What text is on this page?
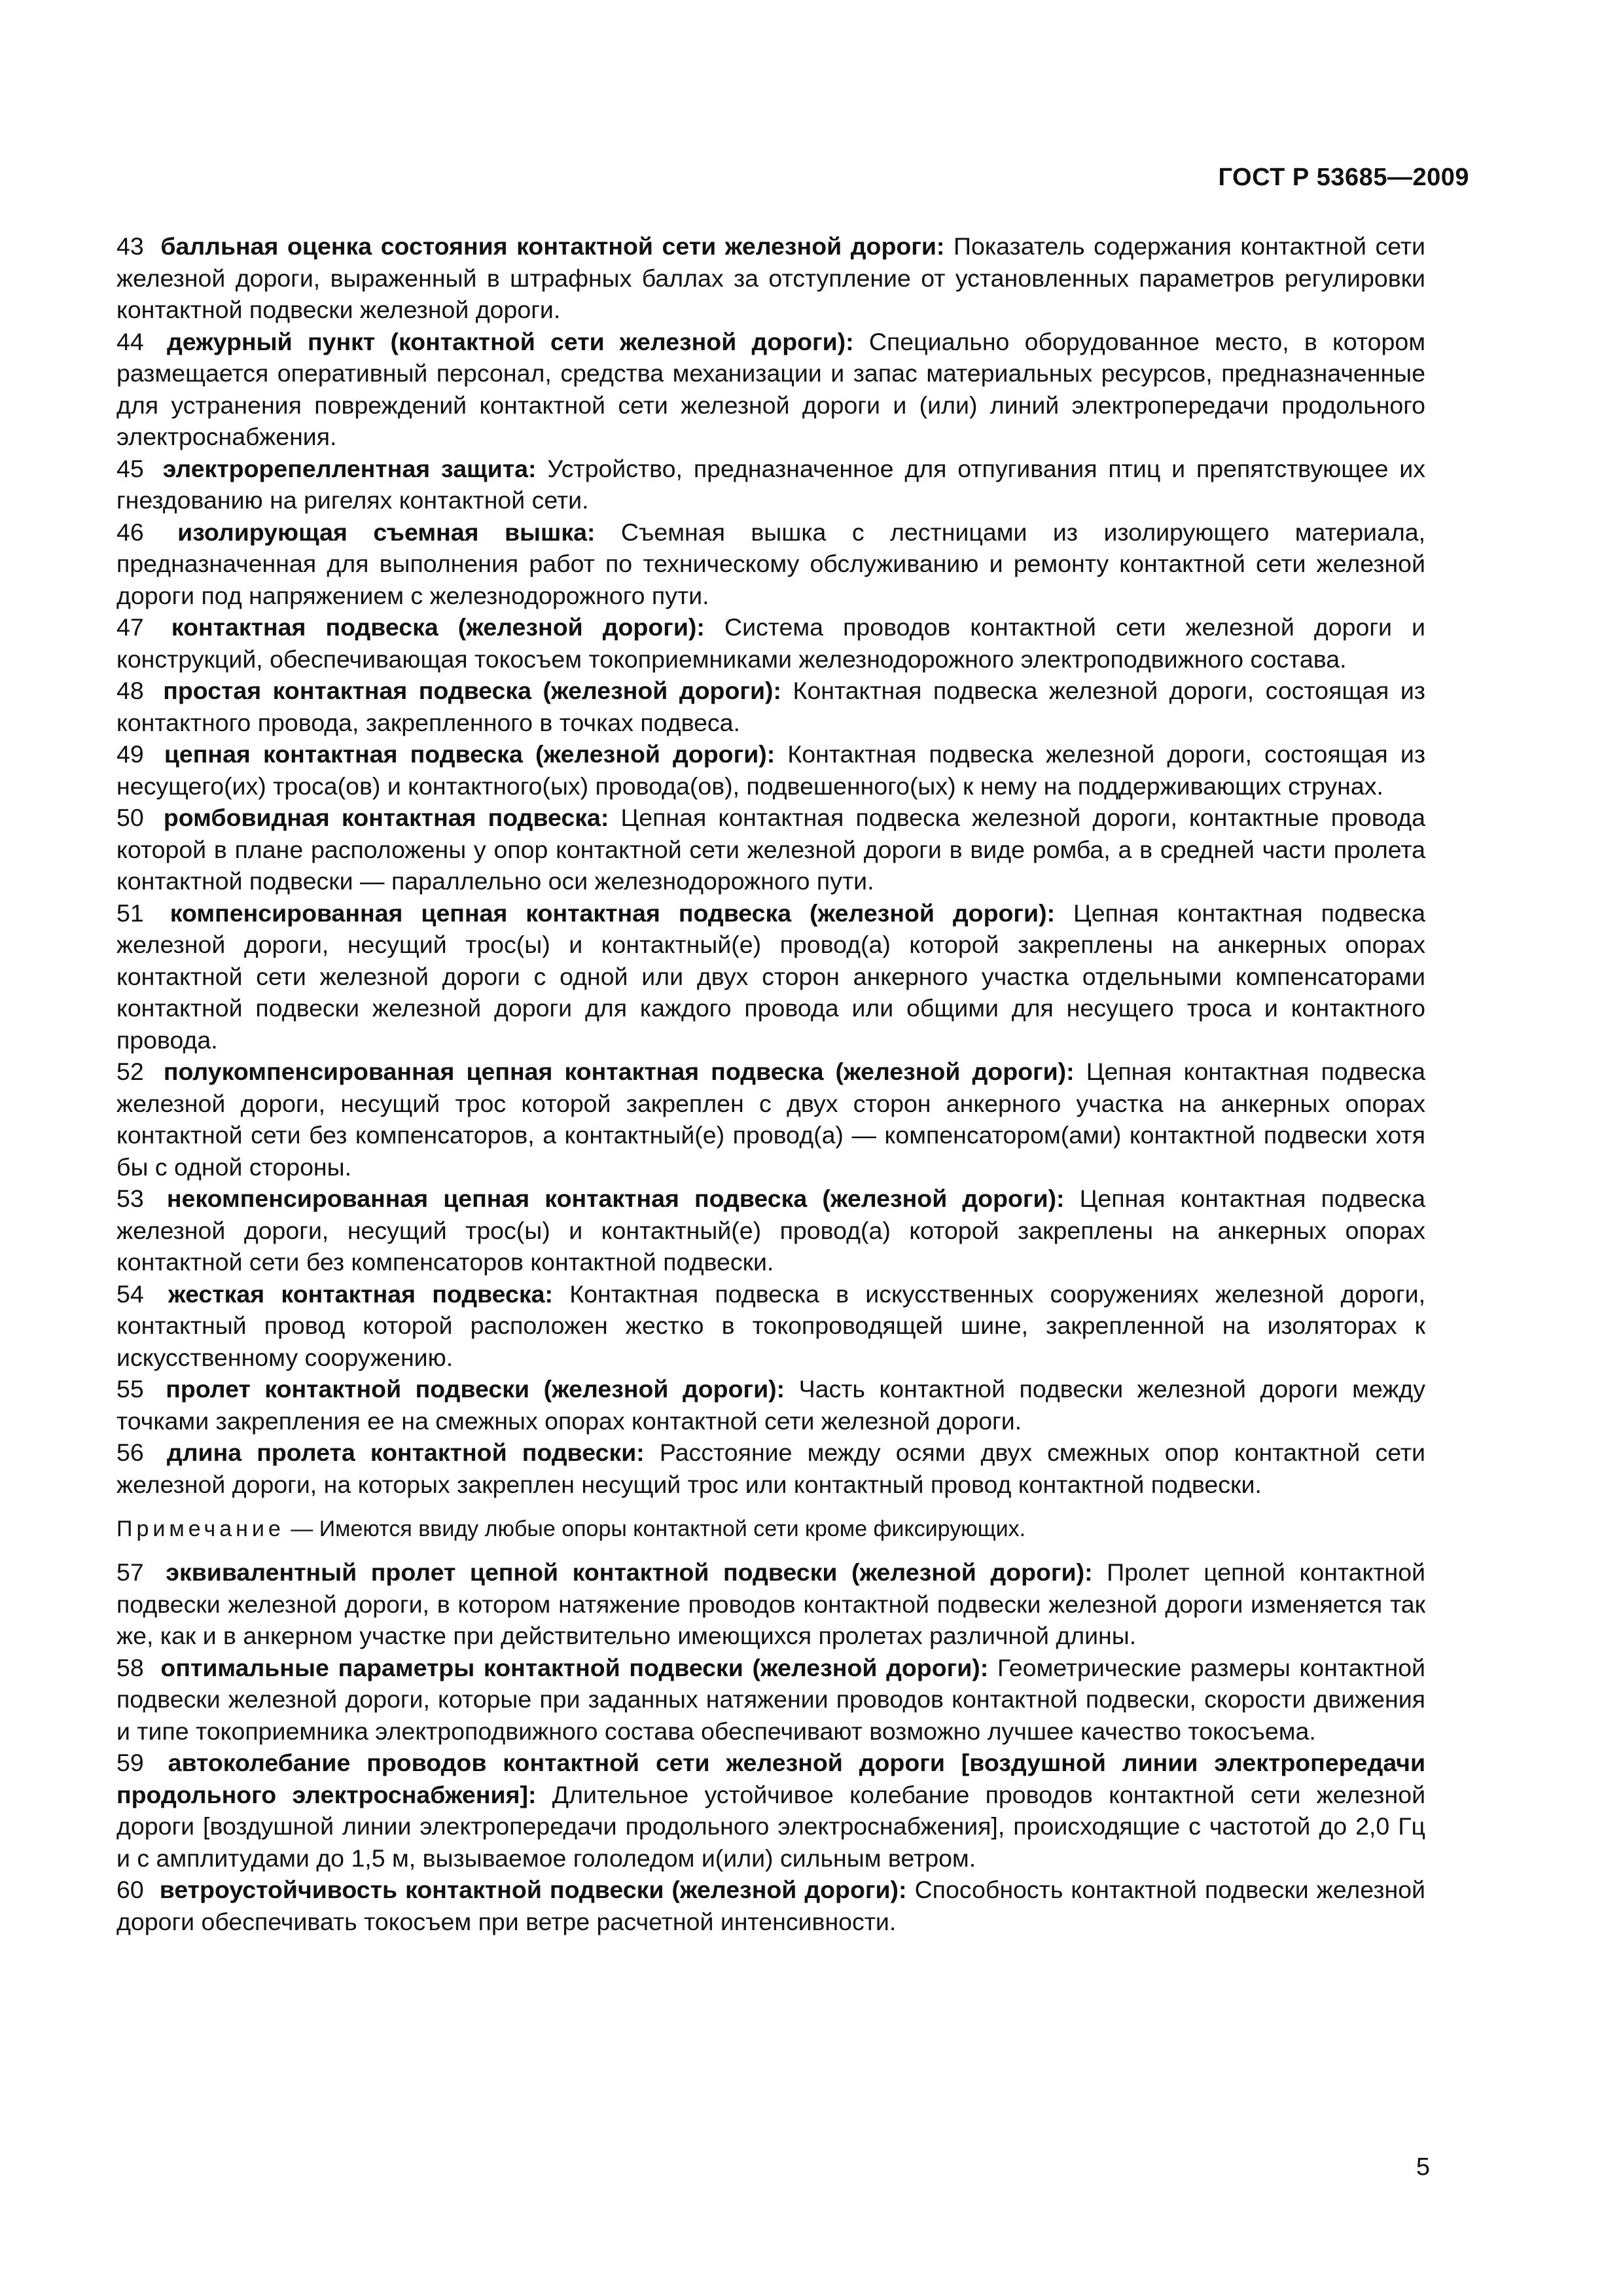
ГОСТ Р 53685—2009

43 балльная оценка состояния контактной сети железной дороги: Показатель содержания контактной сети железной дороги, выраженный в штрафных баллах за отступление от установленных параметров регулировки контактной подвески железной дороги.

44 дежурный пункт (контактной сети железной дороги): Специально оборудованное место, в котором размещается оперативный персонал, средства механизации и запас материальных ресурсов, предназначенные для устранения повреждений контактной сети железной дороги и (или) линий электропередачи продольного электроснабжения.

45 электрорепеллентная защита: Устройство, предназначенное для отпугивания птиц и препятствующее их гнездованию на ригелях контактной сети.

46 изолирующая съемная вышка: Съемная вышка с лестницами из изолирующего материала, предназначенная для выполнения работ по техническому обслуживанию и ремонту контактной сети железной дороги под напряжением с железнодорожного пути.

47 контактная подвеска (железной дороги): Система проводов контактной сети железной дороги и конструкций, обеспечивающая токосъем токоприемниками железнодорожного электроподвижного состава.

48 простая контактная подвеска (железной дороги): Контактная подвеска железной дороги, состоящая из контактного провода, закрепленного в точках подвеса.

49 цепная контактная подвеска (железной дороги): Контактная подвеска железной дороги, состоящая из несущего(их) троса(ов) и контактного(ых) провода(ов), подвешенного(ых) к нему на поддерживающих струнах.

50 ромбовидная контактная подвеска: Цепная контактная подвеска железной дороги, контактные провода которой в плане расположены у опор контактной сети железной дороги в виде ромба, а в средней части пролета контактной подвески — параллельно оси железнодорожного пути.

51 компенсированная цепная контактная подвеска (железной дороги): Цепная контактная подвеска железной дороги, несущий трос(ы) и контактный(е) провод(а) которой закреплены на анкерных опорах контактной сети железной дороги с одной или двух сторон анкерного участка отдельными компенсаторами контактной подвески железной дороги для каждого провода или общими для несущего троса и контактного провода.

52 полукомпенсированная цепная контактная подвеска (железной дороги): Цепная контактная подвеска железной дороги, несущий трос которой закреплен с двух сторон анкерного участка на анкерных опорах контактной сети без компенсаторов, а контактный(е) провод(а) — компенсатором(ами) контактной подвески хотя бы с одной стороны.

53 некомпенсированная цепная контактная подвеска (железной дороги): Цепная контактная подвеска железной дороги, несущий трос(ы) и контактный(е) провод(а) которой закреплены на анкерных опорах контактной сети без компенсаторов контактной подвески.

54 жесткая контактная подвеска: Контактная подвеска в искусственных сооружениях железной дороги, контактный провод которой расположен жестко в токопроводящей шине, закрепленной на изоляторах к искусственному сооружению.

55 пролет контактной подвески (железной дороги): Часть контактной подвески железной дороги между точками закрепления ее на смежных опорах контактной сети железной дороги.

56 длина пролета контактной подвески: Расстояние между осями двух смежных опор контактной сети железной дороги, на которых закреплен несущий трос или контактный провод контактной подвески.

Примечание — Имеются ввиду любые опоры контактной сети кроме фиксирующих.

57 эквивалентный пролет цепной контактной подвески (железной дороги): Пролет цепной контактной подвески железной дороги, в котором натяжение проводов контактной подвески железной дороги изменяется так же, как и в анкерном участке при действительно имеющихся пролетах различной длины.

58 оптимальные параметры контактной подвески (железной дороги): Геометрические размеры контактной подвески железной дороги, которые при заданных натяжении проводов контактной подвески, скорости движения и типе токоприемника электроподвижного состава обеспечивают возможно лучшее качество токосъема.

59 автоколебание проводов контактной сети железной дороги [воздушной линии электропередачи продольного электроснабжения]: Длительное устойчивое колебание проводов контактной сети железной дороги [воздушной линии электропередачи продольного электроснабжения], происходящие с частотой до 2,0 Гц и с амплитудами до 1,5 м, вызываемое гололедом и(или) сильным ветром.

60 ветроустойчивость контактной подвески (железной дороги): Способность контактной подвески железной дороги обеспечивать токосъем при ветре расчетной интенсивности.

5
